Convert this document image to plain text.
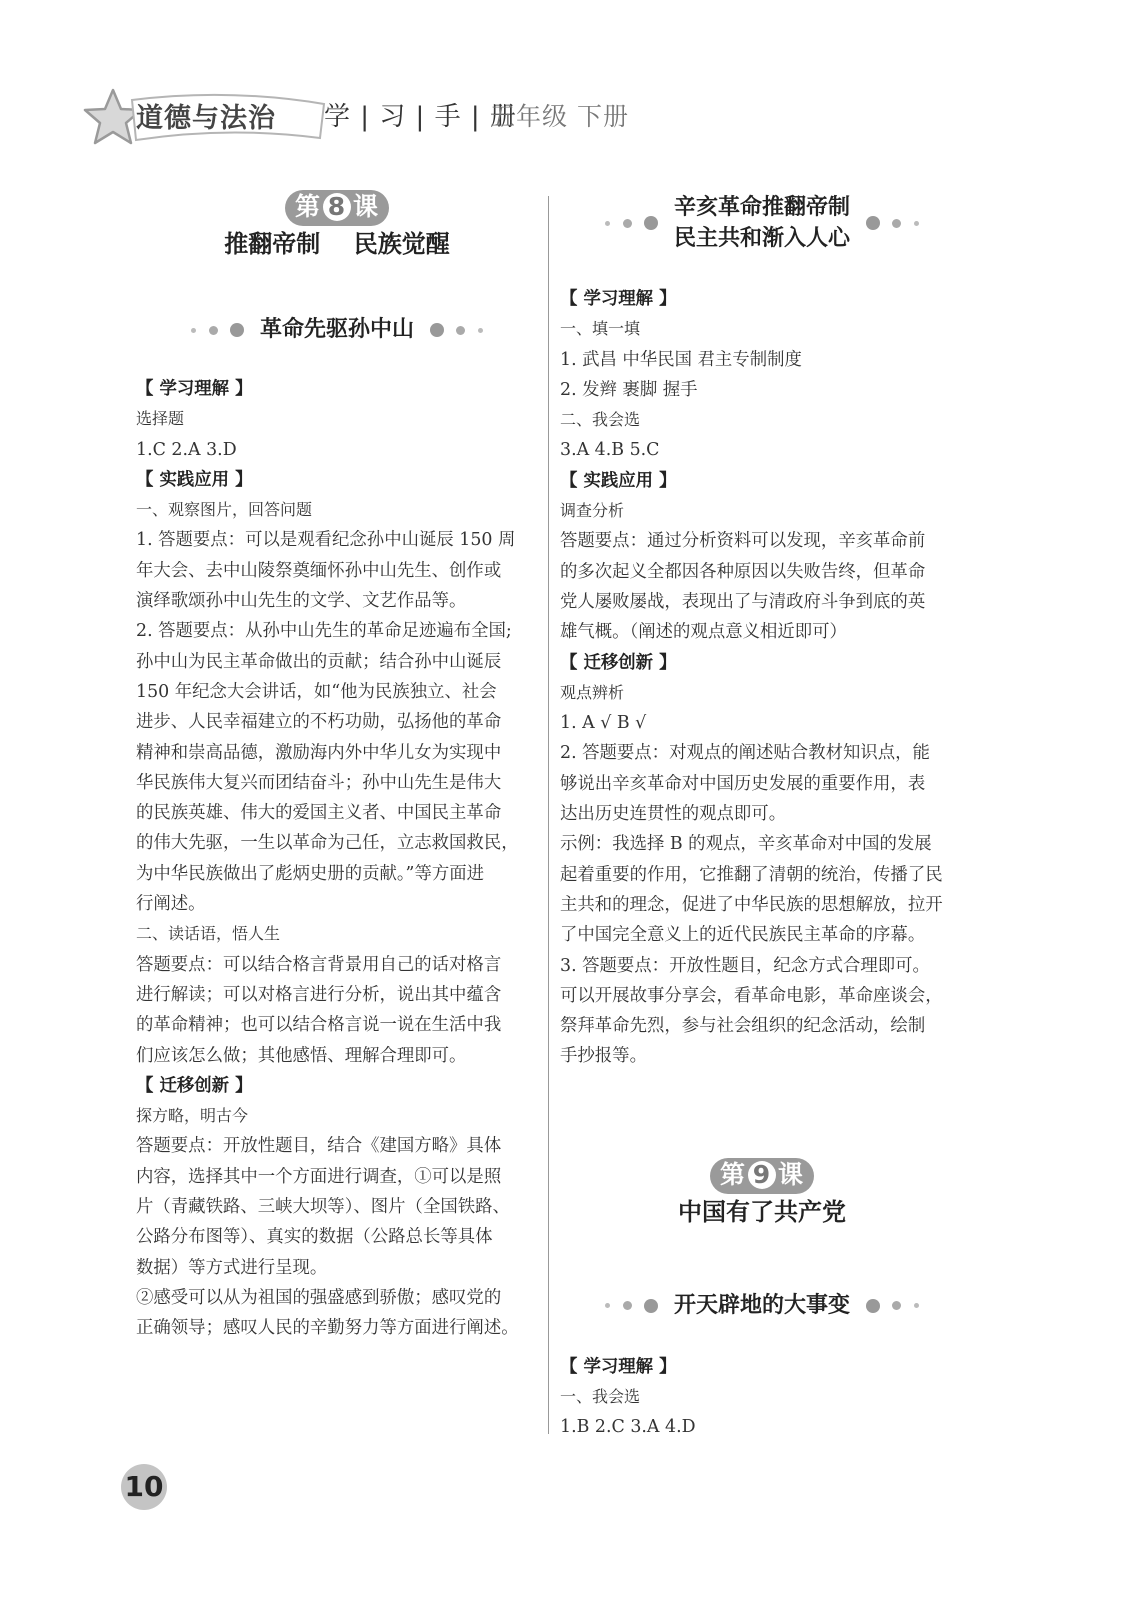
道德与法治 学 | 习 | 手 | 册
五年级 下册
第 8 课
推翻帝制    民族觉醒
革命先驱孙中山
【 学习理解 】
选择题
1.C 2.A 3.D
【 实践应用 】
一、观察图片，回答问题
1. 答题要点：可以是观看纪念孙中山诞辰 150 周
年大会、去中山陵祭奠缅怀孙中山先生、创作或
演绎歌颂孙中山先生的文学、文艺作品等。
2. 答题要点：从孙中山先生的革命足迹遍布全国;
孙中山为民主革命做出的贡献；结合孙中山诞辰
150 年纪念大会讲话，如“他为民族独立、社会
进步、人民幸福建立的不朽功勋，弘扬他的革命
精神和崇高品德，激励海内外中华儿女为实现中
华民族伟大复兴而团结奋斗；孙中山先生是伟大
的民族英雄、伟大的爱国主义者、中国民主革命
的伟大先驱，一生以革命为己任，立志救国救民，
为中华民族做出了彪炳史册的贡献。”等方面进
行阐述。
二、读话语，悟人生
答题要点：可以结合格言背景用自己的话对格言
进行解读；可以对格言进行分析，说出其中蕴含
的革命精神；也可以结合格言说一说在生活中我
们应该怎么做；其他感悟、理解合理即可。
【 迁移创新 】
探方略，明古今
答题要点：开放性题目，结合《建国方略》具体
内容，选择其中一个方面进行调查，①可以是照
片（青藏铁路、三峡大坝等）、图片（全国铁路、
公路分布图等）、真实的数据（公路总长等具体
数据）等方式进行呈现。
②感受可以从为祖国的强盛感到骄傲；感叹党的
正确领导；感叹人民的辛勤努力等方面进行阐述。
辛亥革命推翻帝制
民主共和渐入人心
【 学习理解 】
一、填一填
1. 武昌 中华民国 君主专制制度
2. 发辫 裹脚 握手
二、我会选
3.A 4.B 5.C
【 实践应用 】
调查分析
答题要点：通过分析资料可以发现，辛亥革命前
的多次起义全都因各种原因以失败告终，但革命
党人屡败屡战，表现出了与清政府斗争到底的英
雄气概。（阐述的观点意义相近即可）
【 迁移创新 】
观点辨析
1. A √ B √
2. 答题要点：对观点的阐述贴合教材知识点，能
够说出辛亥革命对中国历史发展的重要作用，表
达出历史连贯性的观点即可。
示例：我选择 B 的观点，辛亥革命对中国的发展
起着重要的作用，它推翻了清朝的统治，传播了民
主共和的理念，促进了中华民族的思想解放，拉开
了中国完全意义上的近代民族民主革命的序幕。
3. 答题要点：开放性题目，纪念方式合理即可。
可以开展故事分享会，看革命电影，革命座谈会，
祭拜革命先烈，参与社会组织的纪念活动，绘制
手抄报等。
第 9 课
中国有了共产党
开天辟地的大事变
【 学习理解 】
一、我会选
1.B 2.C 3.A 4.D
10
